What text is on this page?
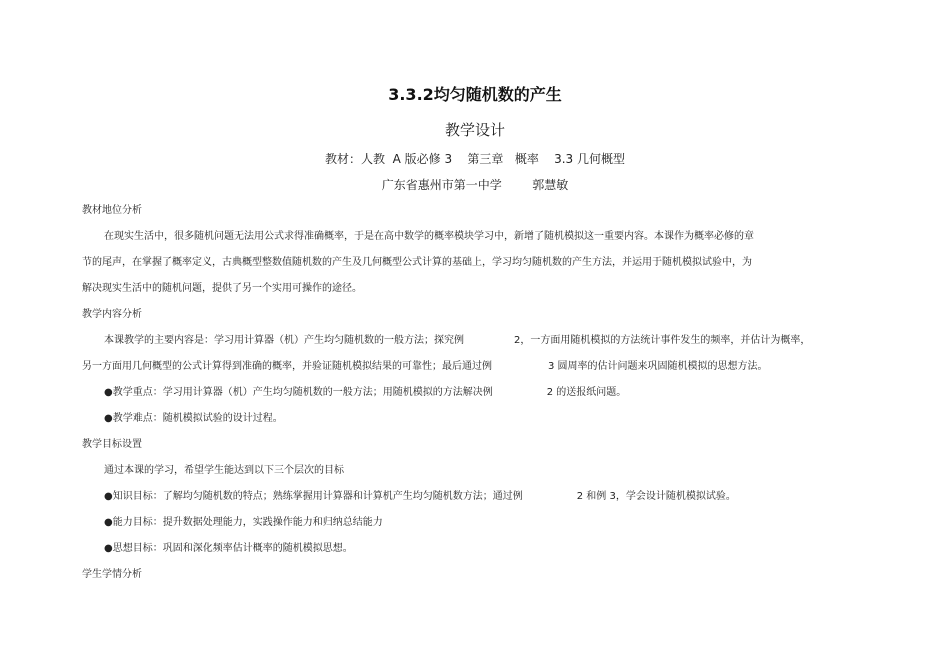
3.3.2均匀随机数的产生
教学设计
教材：人教  A 版必修 3    第三章   概率    3.3 几何概型
广东省惠州市第一中学        郭慧敏
教材地位分析
在现实生活中，很多随机问题无法用公式求得准确概率，于是在高中数学的概率模块学习中，新增了随机模拟这一重要内容。本课作为概率必修的章
节的尾声，在掌握了概率定义，古典概型整数值随机数的产生及几何概型公式计算的基础上，学习均匀随机数的产生方法，并运用于随机模拟试验中，为
解决现实生活中的随机问题，提供了另一个实用可操作的途径。
教学内容分析
本课教学的主要内容是：学习用计算器（机）产生均匀随机数的一般方法；探究例	2，一方面用随机模拟的方法统计事件发生的频率，并估计为概率，
另一方面用几何概型的公式计算得到准确的概率，并验证随机模拟结果的可靠性；最后通过例	3 圆周率的估计问题来巩固随机模拟的思想方法。
●教学重点：学习用计算器（机）产生均匀随机数的一般方法；用随机模拟的方法解决例	2 的送报纸问题。
●教学难点：随机模拟试验的设计过程。
教学目标设置
通过本课的学习，希望学生能达到以下三个层次的目标
●知识目标：了解均匀随机数的特点；熟练掌握用计算器和计算机产生均匀随机数方法；通过例	2 和例 3，学会设计随机模拟试验。
●能力目标：提升数据处理能力，实践操作能力和归纳总结能力
●思想目标：巩固和深化频率估计概率的随机模拟思想。
学生学情分析
